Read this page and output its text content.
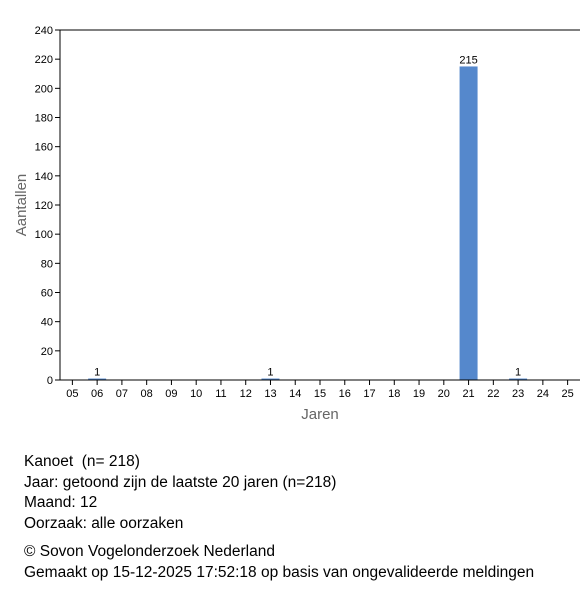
0
20
40
60
80
100
120
140
160
180
200
220
240
05 06 07 08 09 10 11 12 13 14 15 16 17 18 19 20 21 22 23 24 25
1	1
215
1
Aantallen
Jaren
Kanoet  (n= 218)
Jaar: getoond zijn de laatste 20 jaren (n=218)
Maand: 12
Oorzaak: alle oorzaken
© Sovon Vogelonderzoek Nederland
Gemaakt op 15-12-2025 17:52:18 op basis van ongevalideerde meldingen
